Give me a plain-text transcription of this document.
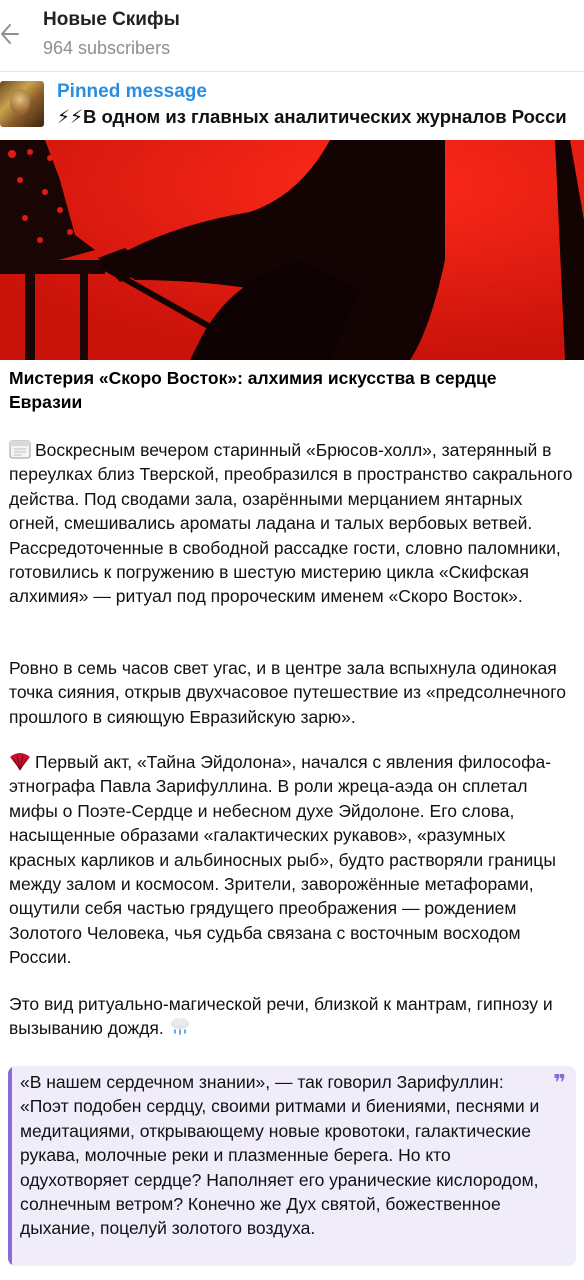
Новые Скифы
964 subscribers
Pinned message
⚡⚡В одном из главных аналитических журналов Росси
Мистерия «Скоро Восток»: алхимия искусства в сердце Евразии
Воскресным вечером старинный «Брюсов-холл», затерянный в переулках близ Тверской, преобразился в пространство сакрального действа. Под сводами зала, озарёнными мерцанием янтарных огней, смешивались ароматы ладана и талых вербовых ветвей. Рассредоточенные в свободной рассадке гости, словно паломники, готовились к погружению в шестую мистерию цикла «Скифская алхимия» — ритуал под пророческим именем «Скоро Восток».
Ровно в семь часов свет угас, и в центре зала вспыхнула одинокая точка сияния, открыв двухчасовое путешествие из «предсолнечного прошлого в сияющую Евразийскую зарю».
Первый акт, «Тайна Эйдолона», начался с явления философа-этнографа Павла Зарифуллина. В роли жреца-аэда он сплетал мифы о Поэте-Сердце и небесном духе Эйдолоне. Его слова, насыщенные образами «галактических рукавов», «разумных красных карликов и альбиносных рыб», будто растворяли границы между залом и космосом. Зрители, заворожённые метафорами, ощутили себя частью грядущего преображения — рождением Золотого Человека, чья судьба связана с восточным восходом России.
Это вид ритуально-магической речи, близкой к мантрам, гипнозу и вызыванию дождя.
«В нашем сердечном знании», — так говорил Зарифуллин: «Поэт подобен сердцу, своими ритмами и биениями, песнями и медитациями, открывающему новые кровотоки, галактические рукава, молочные реки и плазменные берега. Но кто одухотворяет сердце? Наполняет его уранические кислородом, солнечным ветром? Конечно же Дух святой, божественное дыхание, поцелуй золотого воздуха.
❞
